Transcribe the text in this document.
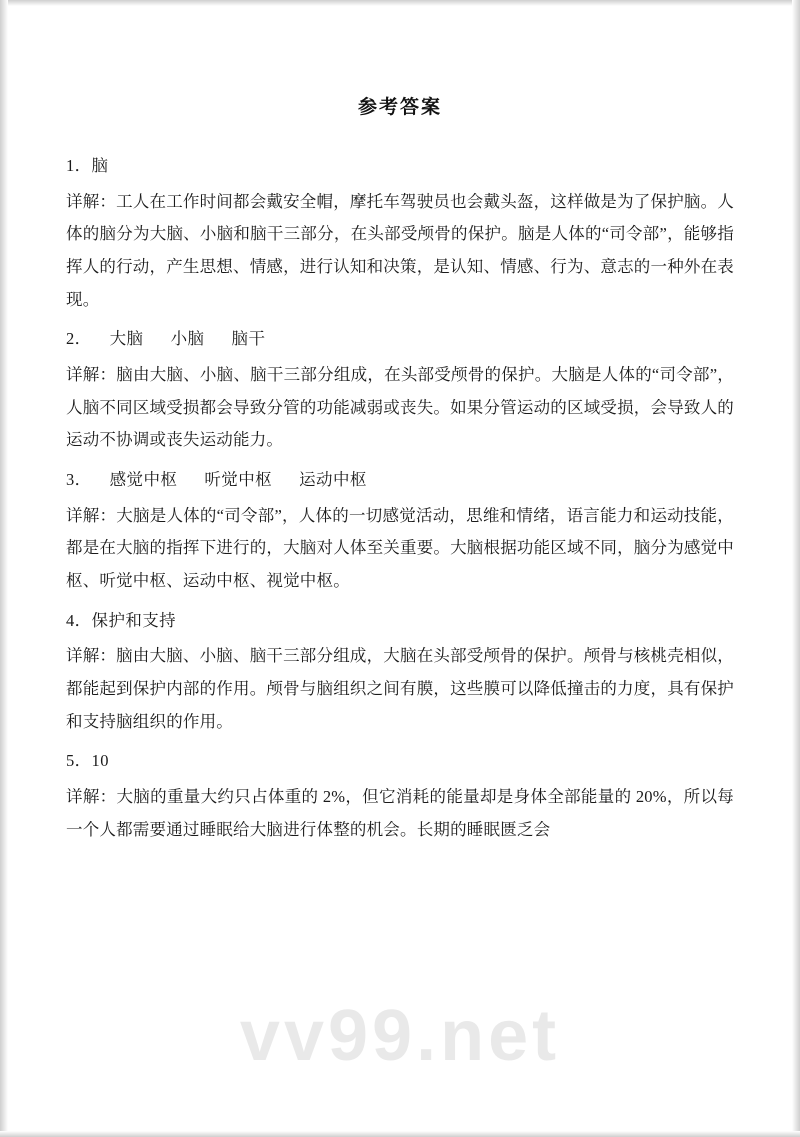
参考答案

1．脑

详解：工人在工作时间都会戴安全帽，摩托车驾驶员也会戴头盔，这样做是为了保护脑。人体的脑分为大脑、小脑和脑干三部分，在头部受颅骨的保护。脑是人体的“司令部”，能够指挥人的行动，产生思想、情感，进行认知和决策，是认知、情感、行为、意志的一种外在表现。

2．    大脑      小脑      脑干

详解：脑由大脑、小脑、脑干三部分组成，在头部受颅骨的保护。大脑是人体的“司令部”，人脑不同区域受损都会导致分管的功能减弱或丧失。如果分管运动的区域受损，会导致人的运动不协调或丧失运动能力。

3．    感觉中枢      听觉中枢      运动中枢

详解：大脑是人体的“司令部”，人体的一切感觉活动，思维和情绪，语言能力和运动技能，都是在大脑的指挥下进行的，大脑对人体至关重要。大脑根据功能区域不同，脑分为感觉中枢、听觉中枢、运动中枢、视觉中枢。

4．保护和支持

详解：脑由大脑、小脑、脑干三部分组成，大脑在头部受颅骨的保护。颅骨与核桃壳相似，都能起到保护内部的作用。颅骨与脑组织之间有膜，这些膜可以降低撞击的力度，具有保护和支持脑组织的作用。

5．10

详解：大脑的重量大约只占体重的 2%，但它消耗的能量却是身体全部能量的 20%，所以每一个人都需要通过睡眠给大脑进行体整的机会。长期的睡眠匮乏会

vv99.net
